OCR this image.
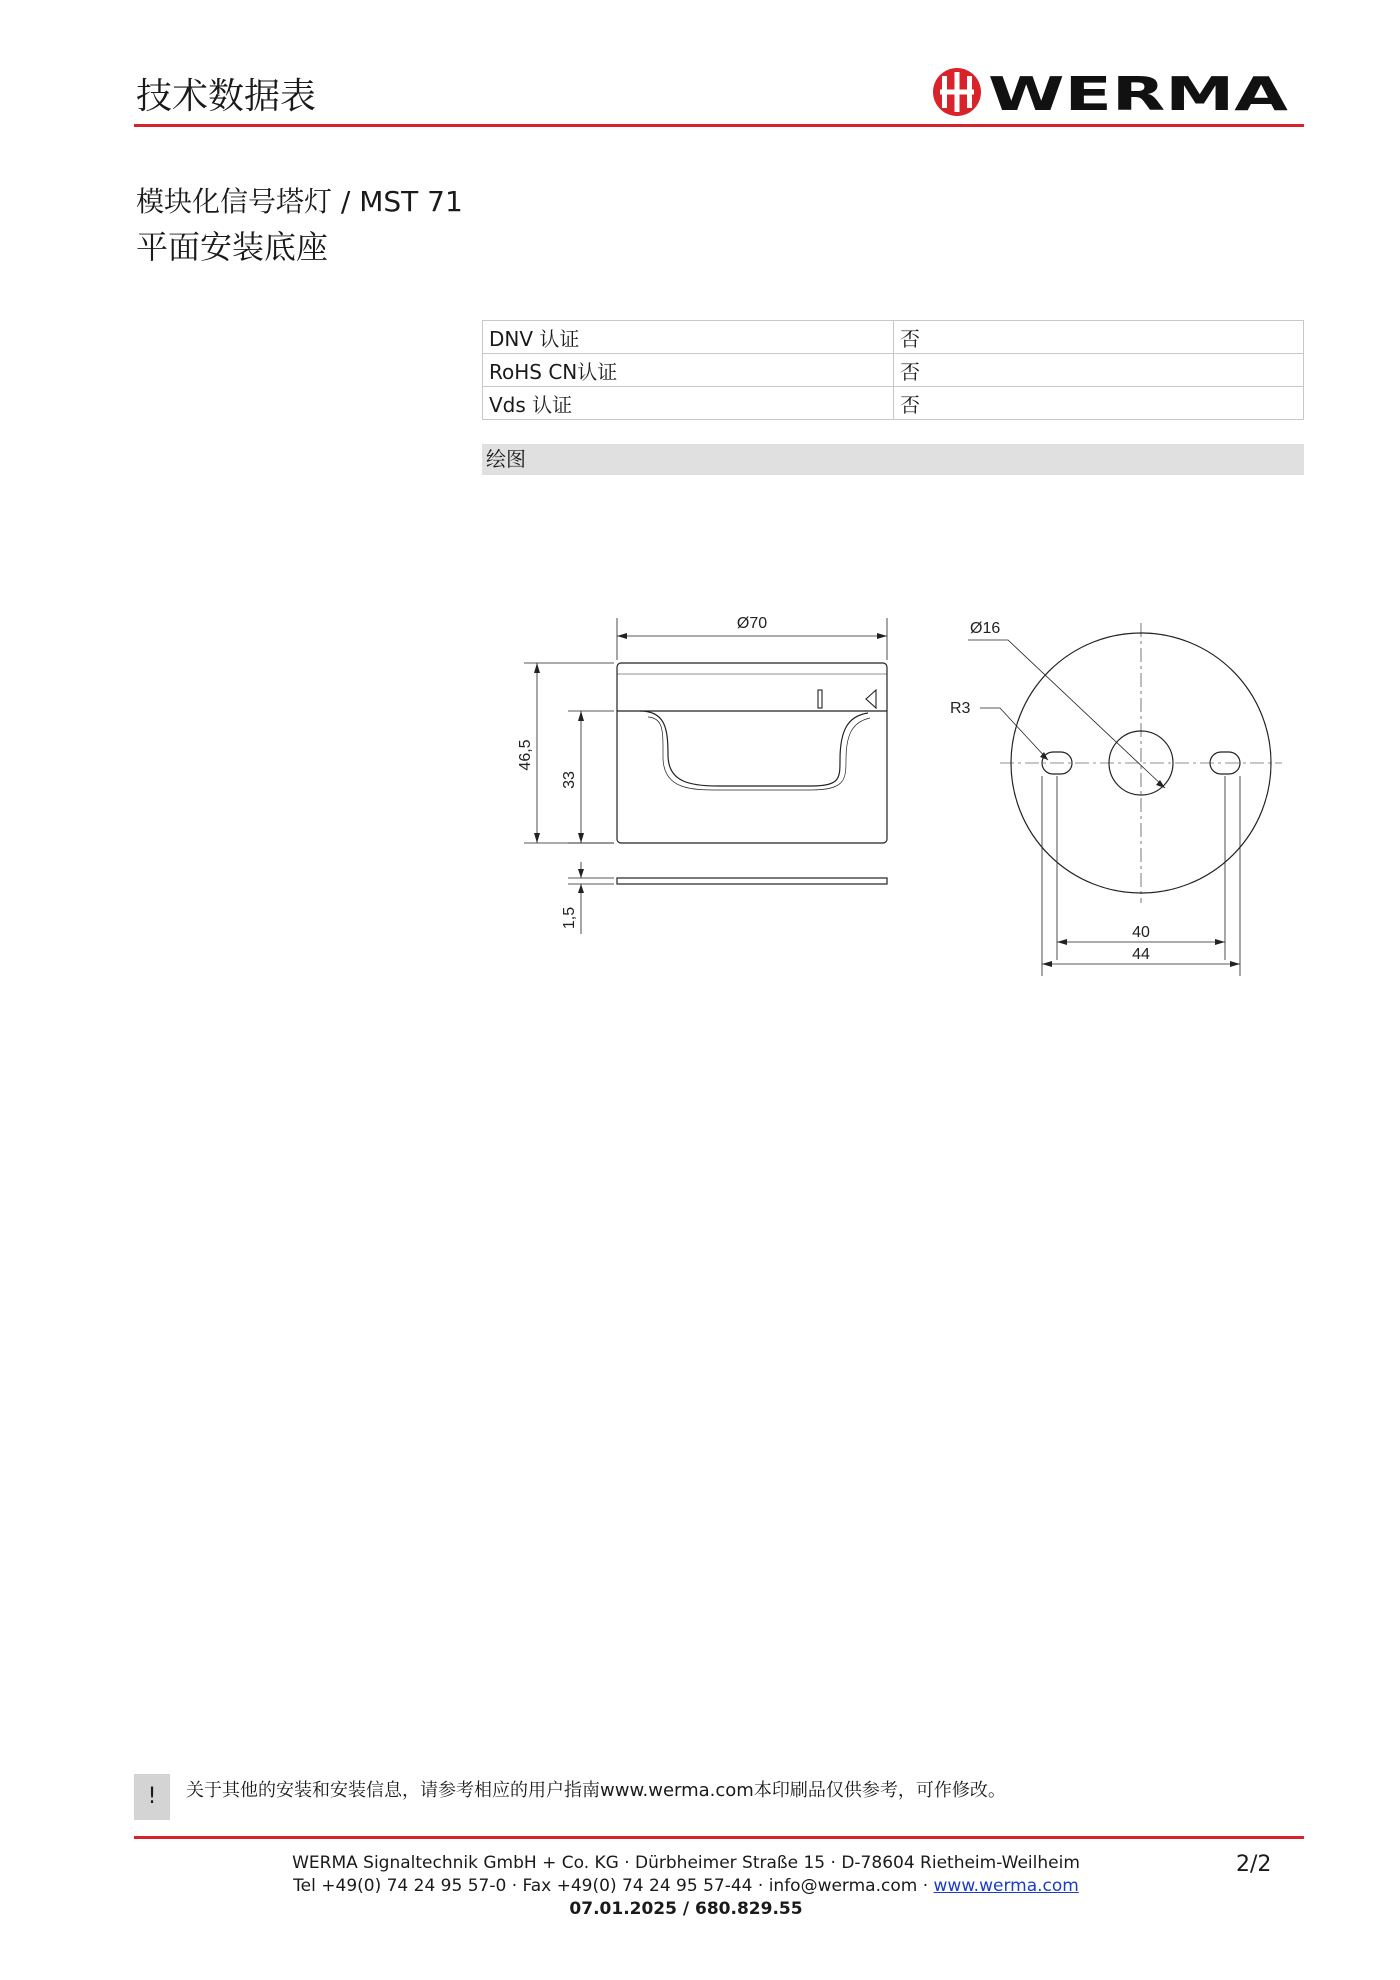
技术数据表	WERMA
模块化信号塔灯 / MST 71
平面安装底座
DNV 认证	否
RoHS CN认证	否
Vds 认证	否
绘图
Ø70
46,5
33
1,5
Ø16
R3
40
44
!	关于其他的安装和安装信息，请参考相应的用户指南www.werma.com本印刷品仅供参考，可作修改。
WERMA Signaltechnik GmbH + Co. KG · Dürbheimer Straße 15 · D-78604 Rietheim-Weilheim
Tel +49(0) 74 24 95 57-0 · Fax +49(0) 74 24 95 57-44 · info@werma.com · www.werma.com
07.01.2025 / 680.829.55
2/2
